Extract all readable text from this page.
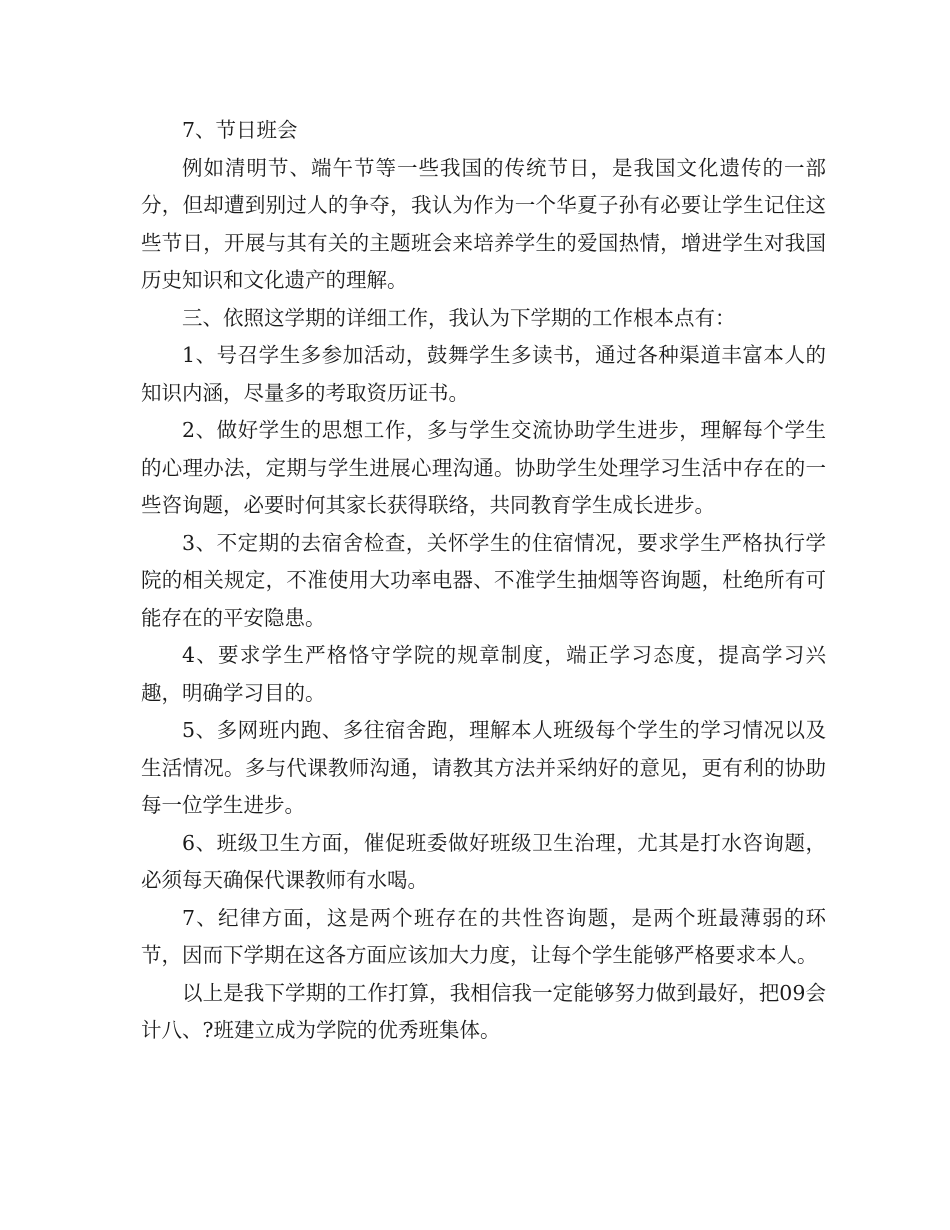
7、节日班会

例如清明节、端午节等一些我国的传统节日，是我国文化遗传的一部分，但却遭到别过人的争夺，我认为作为一个华夏子孙有必要让学生记住这些节日，开展与其有关的主题班会来培养学生的爱国热情，增进学生对我国历史知识和文化遗产的理解。

三、依照这学期的详细工作，我认为下学期的工作根本点有：

1、号召学生多参加活动，鼓舞学生多读书，通过各种渠道丰富本人的知识内涵，尽量多的考取资历证书。

2、做好学生的思想工作，多与学生交流协助学生进步，理解每个学生的心理办法，定期与学生进展心理沟通。协助学生处理学习生活中存在的一些咨询题，必要时何其家长获得联络，共同教育学生成长进步。

3、不定期的去宿舍检查，关怀学生的住宿情况，要求学生严格执行学院的相关规定，不准使用大功率电器、不准学生抽烟等咨询题，杜绝所有可能存在的平安隐患。

4、要求学生严格恪守学院的规章制度，端正学习态度，提高学习兴趣，明确学习目的。

5、多网班内跑、多往宿舍跑，理解本人班级每个学生的学习情况以及生活情况。多与代课教师沟通，请教其方法并采纳好的意见，更有利的协助每一位学生进步。

6、班级卫生方面，催促班委做好班级卫生治理，尤其是打水咨询题，必须每天确保代课教师有水喝。

7、纪律方面，这是两个班存在的共性咨询题，是两个班最薄弱的环节，因而下学期在这各方面应该加大力度，让每个学生能够严格要求本人。

以上是我下学期的工作打算，我相信我一定能够努力做到最好，把09会计八、?班建立成为学院的优秀班集体。
